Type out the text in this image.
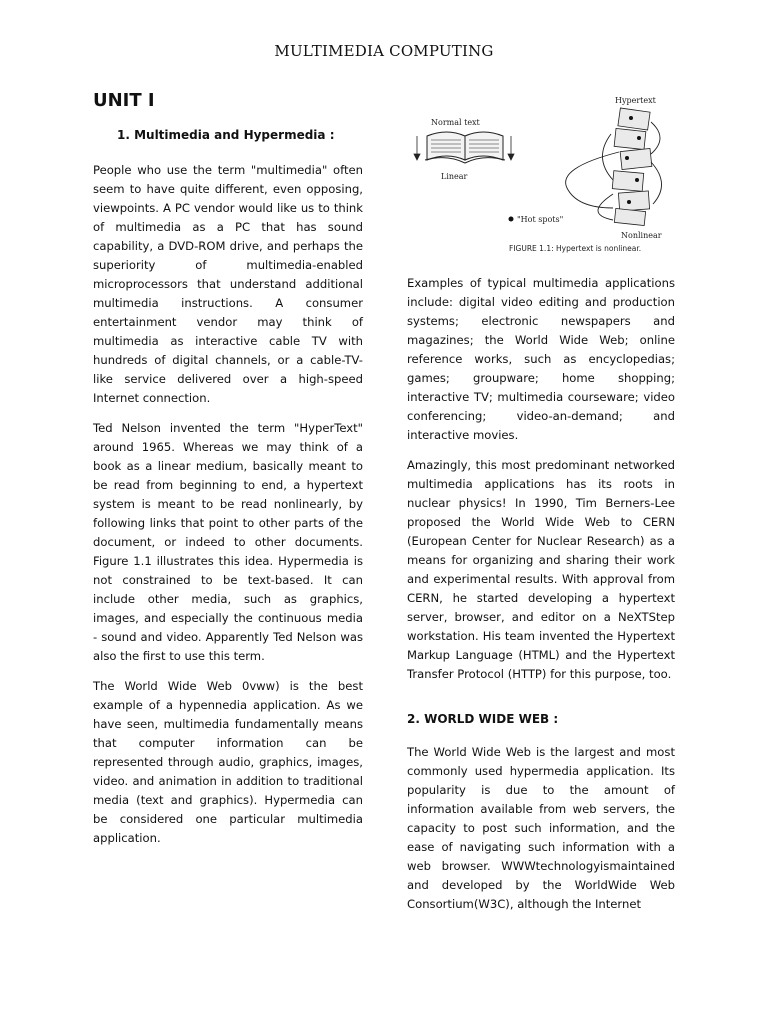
MULTIMEDIA COMPUTING
UNIT I
1. Multimedia and Hypermedia :

People who use the term "multimedia" often seem to have quite different, even opposing, viewpoints. A PC vendor would like us to think of multimedia as a PC that has sound capability, a DVD-ROM drive, and perhaps the superiority of multimedia-enabled microprocessors that understand additional multimedia instructions. A consumer entertainment vendor may think of multimedia as interactive cable TV with hundreds of digital channels, or a cable-TV-like service delivered over a high-speed Internet connection.

Ted Nelson invented the term "HyperText" around 1965. Whereas we may think of a book as a linear medium, basically meant to be read from beginning to end, a hypertext system is meant to be read nonlinearly, by following links that point to other parts of the document, or indeed to other documents. Figure 1.1 illustrates this idea. Hypermedia is not constrained to be text-based. It can include other media, such as graphics, images, and especially the continuous media - sound and video. Apparently Ted Nelson was also the first to use this term.

The World Wide Web 0vww) is the best example of a hypennedia application. As we have seen, multimedia fundamentally means that computer information can be represented through audio, graphics, images, video. and animation in addition to traditional media (text and graphics). Hypermedia can be considered one particular multimedia application.

Normal text
Linear
Hypertext
"Hot spots"
Nonlinear
FIGURE 1.1: Hypertext is nonlinear.

Examples of typical multimedia applications include: digital video editing and production systems; electronic newspapers and magazines; the World Wide Web; online reference works, such as encyclopedias; games; groupware; home shopping; interactive TV; multimedia courseware; video conferencing; video-an-demand; and interactive movies.

Amazingly, this most predominant networked multimedia applications has its roots in nuclear physics! In 1990, Tim Berners-Lee proposed the World Wide Web to CERN (European Center for Nuclear Research) as a means for organizing and sharing their work and experimental results. With approval from CERN, he started developing a hypertext server, browser, and editor on a NeXTStep workstation. His team invented the Hypertext Markup Language (HTML) and the Hypertext Transfer Protocol (HTTP) for this purpose, too.

2. WORLD WIDE WEB :

The World Wide Web is the largest and most commonly used hypermedia application. Its popularity is due to the amount of information available from web servers, the capacity to post such information, and the ease of navigating such information with a web browser. WWWtechnologyismaintained and developed by the WorldWide Web Consortium(W3C), although the Internet
